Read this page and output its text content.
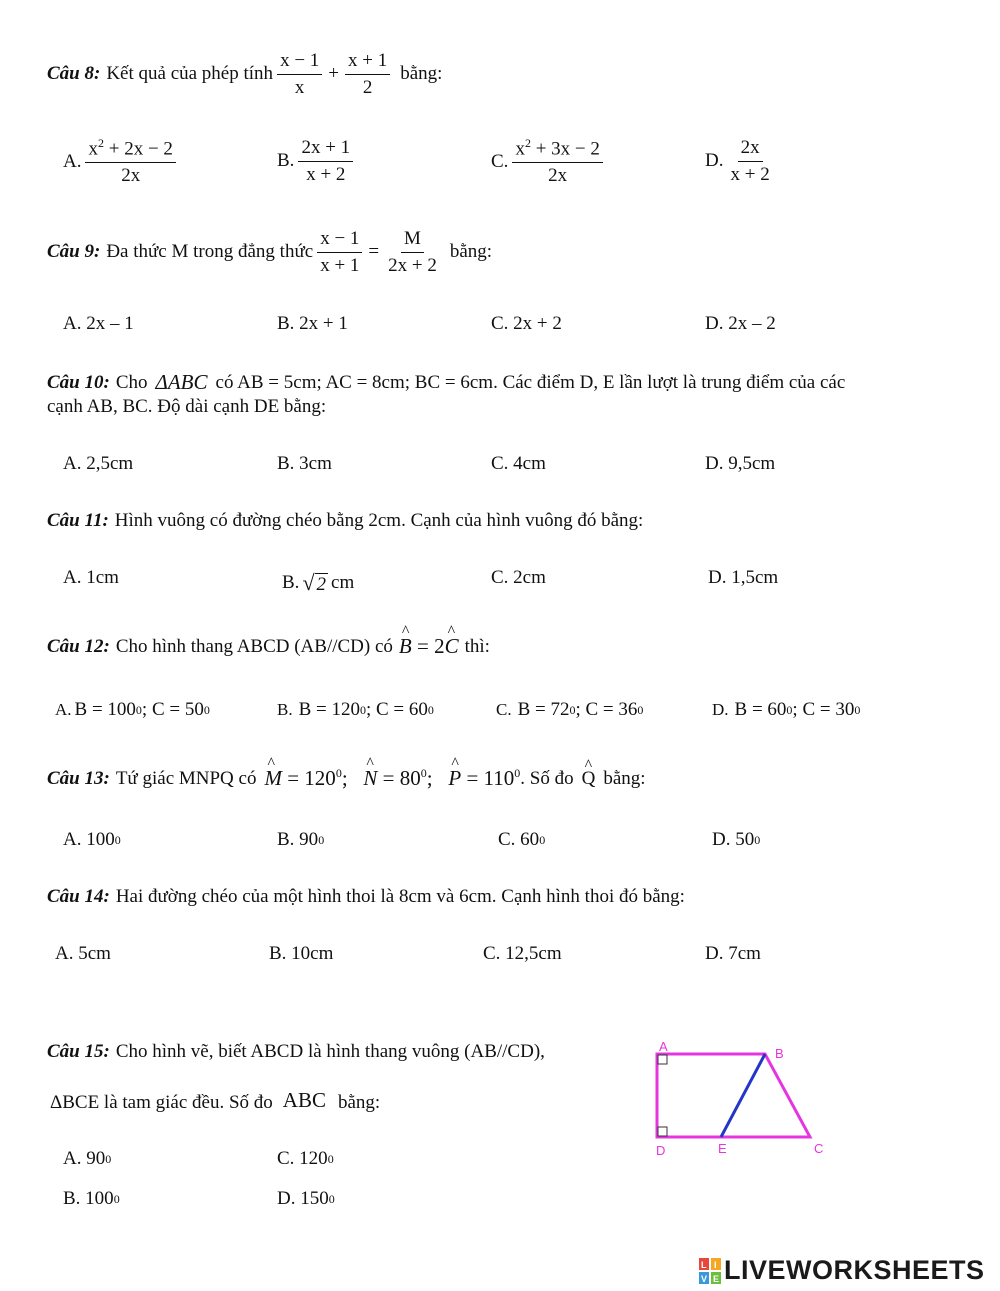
Câu 8: Kết quả của phép tính $\frac{x - 1}{x} + \frac{x + 1}{2}$ bằng:
A. $\frac{x^2 + 2x - 2}{2x}$	B. $\frac{2x + 1}{x + 2}$	C. $\frac{x^2 + 3x - 2}{2x}$	D. $\frac{2x}{x + 2}$
Câu 9: Đa thức M trong đẳng thức $\frac{x - 1}{x + 1} = \frac{M}{2x + 2}$ bằng:
A. 2x – 1	B. 2x + 1	C. 2x + 2	D. 2x – 2
Câu 10: Cho ΔABC có AB = 5cm; AC = 8cm; BC = 6cm. Các điểm D, E lần lượt là trung điểm của các
cạnh AB, BC. Độ dài cạnh DE bằng:
A. 2,5cm	B. 3cm	C. 4cm	D. 9,5cm
Câu 11: Hình vuông có đường chéo bằng 2cm. Cạnh của hình vuông đó bằng:
A. 1cm	B. √ 2 cm	C. 2cm	D. 1,5cm
Câu 12: Cho hình thang ABCD (AB//CD) có ^ B = 2^ C thì:
A. B = 100 0 ; C = 50 0	B. B = 120 0 ; C = 60 0	C. B = 72 0 ; C = 36 0	D. B = 60 0 ; C = 30 0
Câu 13: Tứ giác MNPQ có ^ $M = 120^0$; ^ $N = 80^0$; ^ $P = 110^0$ . Số đo ^ Q bằng:
A. 100 0	B. 90 0	C. 60 0	D. 50 0
Câu 14: Hai đường chéo của một hình thoi là 8cm và 6cm. Cạnh hình thoi đó bằng:
A. 5cm	B. 10cm	C. 12,5cm	D. 7cm
Câu 15: Cho hình vẽ, biết ABCD là hình thang vuông (AB//CD),
ΔBCE là tam giác đều. Số đo ABC bằng:
A. 90 0	C. 120 0
B. 100 0	D. 150 0
A	B
C
D	E
L I
V E LIVEWORKSHEETS
